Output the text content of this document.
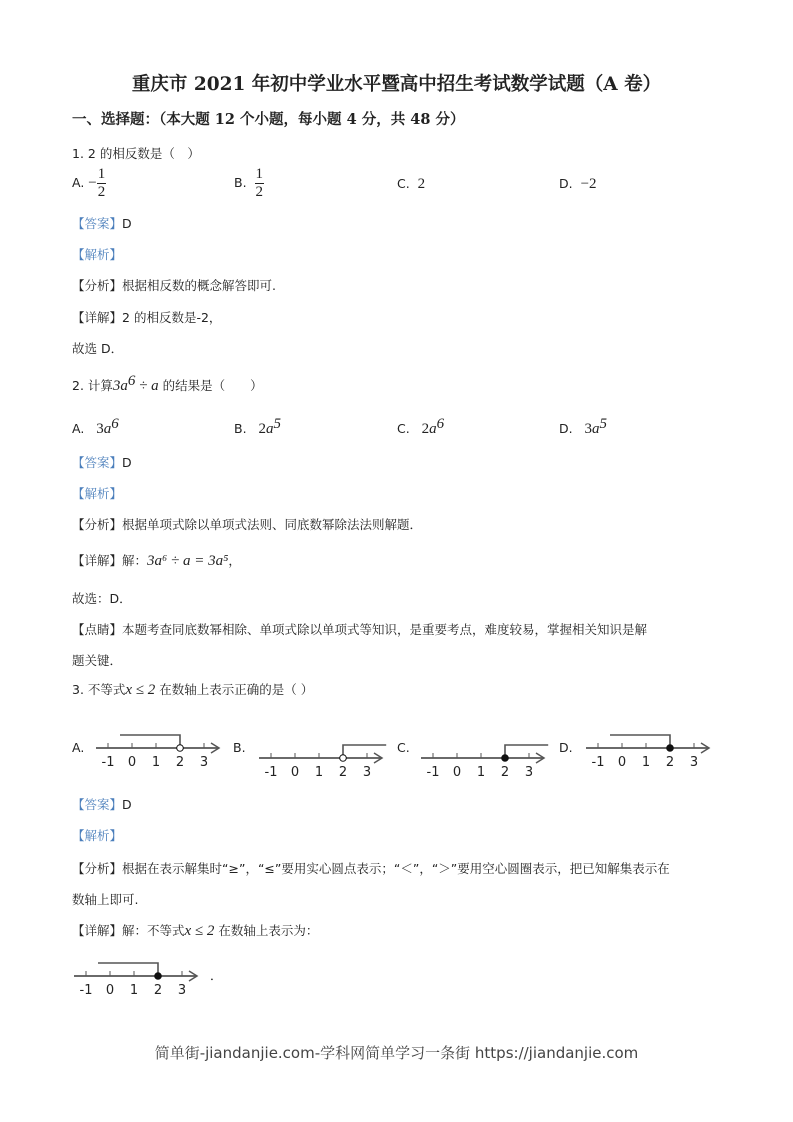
重庆市 2021 年初中学业水平暨高中招生考试数学试题（A 卷）
一、选择题：（本大题 12 个小题，每小题 4 分，共 48 分）
1. 2 的相反数是（　）
A. − $\frac{1}{2}$	B. $\frac{1}{2}$	C. 2	D. −2
【答案】D
【解析】
【分析】根据相反数的概念解答即可.
【详解】2 的相反数是-2，
故选 D．
2. 计算$3a^6 \div a$ 的结果是（　　）
A. $3a^6$	B. $2a^5$	C. $2a^6$	D. $3a^5$
【答案】D
【解析】
【分析】根据单项式除以单项式法则、同底数幂除法法则解题．
【详解】解：3a⁶ ÷ a = 3a⁵，
故选：D．
【点睛】本题考查同底数幂相除、单项式除以单项式等知识，是重要考点，难度较易，掌握相关知识是解
题关键．
3. 不等式x ≤ 2 在数轴上表示正确的是（ ）
A.	B.	C.	D.
-1 0 1 2 3
-1 0 1 2 3	-1 0 1 2 3
-1 0 1 2 3
【答案】D
【解析】
【分析】根据在表示解集时“≥”，“≤”要用实心圆点表示；“＜”，“＞”要用空心圆圈表示，把已知解集表示在
数轴上即可.
【详解】解：不等式x ≤ 2 在数轴上表示为：
-1 0 1 2 3
．
简单街-jiandanjie.com-学科网简单学习一条街 https://jiandanjie.com
